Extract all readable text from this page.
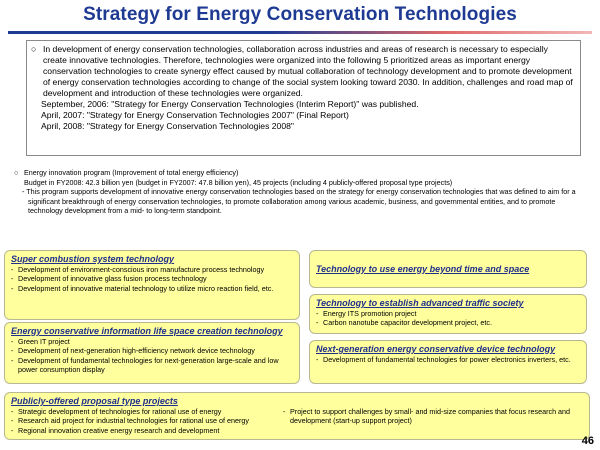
Strategy for Energy Conservation Technologies
○ In development of energy conservation technologies, collaboration across industries and areas of research is necessary to especially create innovative technologies. Therefore, technologies were organized into the following 5 prioritized areas as important energy conservation technologies to create synergy effect caused by mutual collaboration of technology development and to promote development of energy conservation technologies according to change of the social system looking toward 2030. In addition, challenges and road map of development and introduction of these technologies were organized.
September, 2006: "Strategy for Energy Conservation Technologies (Interim Report)" was published.
April, 2007: "Strategy for Energy Conservation Technologies 2007" (Final Report)
April, 2008: "Strategy for Energy Conservation Technologies 2008"
○ Energy innovation program (Improvement of total energy efficiency)
Budget in FY2008: 42.3 billion yen (budget in FY2007: 47.8 billion yen), 45 projects (including 4 publicly-offered proposal type projects)
- This program supports development of innovative energy conservation technologies based on the strategy for energy conservation technologies that was defined to aim for a significant breakthrough of energy conservation technologies, to promote collaboration among various academic, business, and governmental entities, and to promote technology development from a mid- to long-term standpoint.
Super combustion system technology
- Development of environment-conscious iron manufacture process technology
- Development of innovative glass fusion process technology
- Development of innovative material technology to utilize micro reaction field, etc.
Energy conservative information life space creation technology
- Green IT project
- Development of next-generation high-efficiency network device technology
- Development of fundamental technologies for next-generation large-scale and low power consumption display
Technology to use energy beyond time and space
Technology to establish advanced traffic society
- Energy ITS promotion project
- Carbon nanotube capacitor development project, etc.
Next-generation energy conservative device technology
- Development of fundamental technologies for power electronics inverters, etc.
Publicly-offered proposal type projects
- Strategic development of technologies for rational use of energy
- Research aid project for industrial technologies for rational use of energy
- Regional innovation creative energy research and development
- Project to support challenges by small- and mid-size companies that focus research and development (start-up support project)
46
